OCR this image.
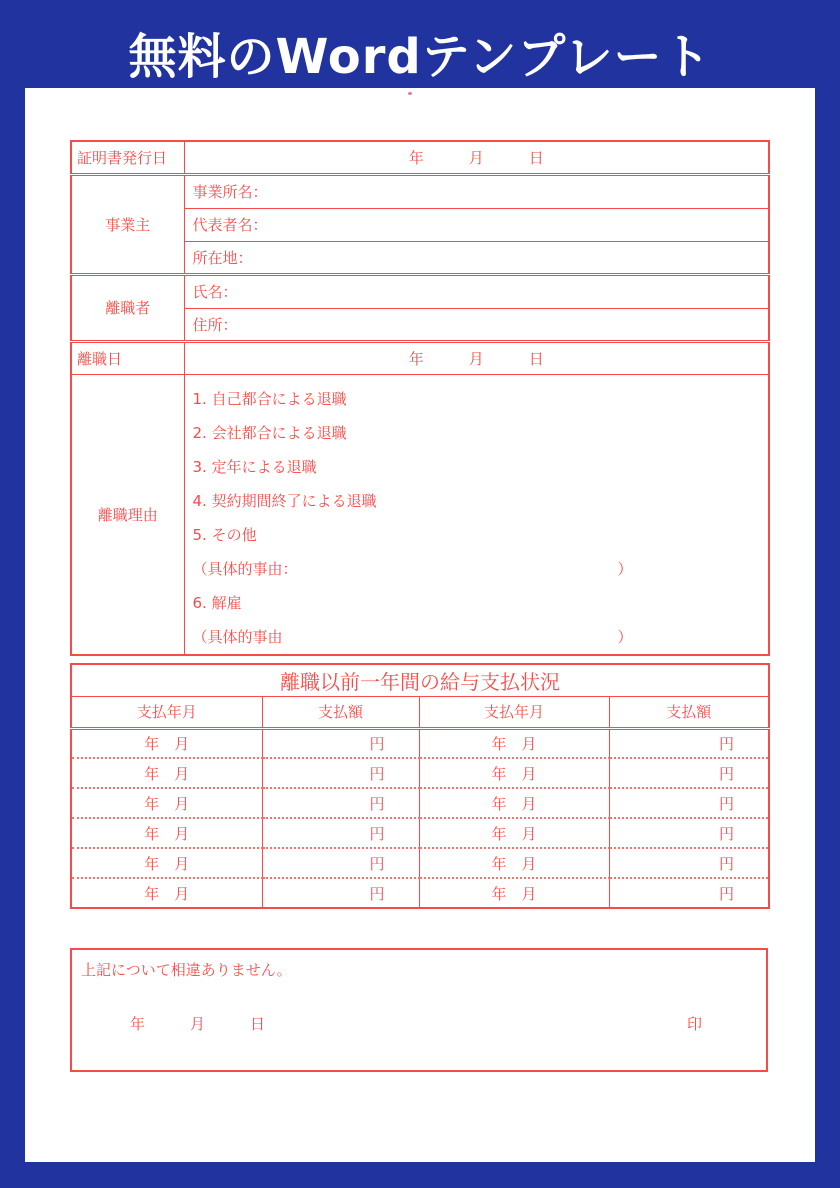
無料のWordテンプレート
証明書発行日	年　　　月　　　日
事業主	事業所名：
	代表者名：
	所在地：
離職者	氏名：
	住所：
離職日	年　　　月　　　日
離職理由	
1. 自己都合による退職
2. 会社都合による退職
3. 定年による退職
4. 契約期間終了による退職
5. その他
（具体的事由：	）
6. 解雇
（具体的事由	）
離職以前一年間の給与支払状況			
支払年月	支払額	支払年月	支払額
年　月	円	年　月	円
年　月	円	年　月	円
年　月	円	年　月	円
年　月	円	年　月	円
年　月	円	年　月	円
年　月	円	年　月	円
上記について相違ありません。
年　　　月　　　日	印
